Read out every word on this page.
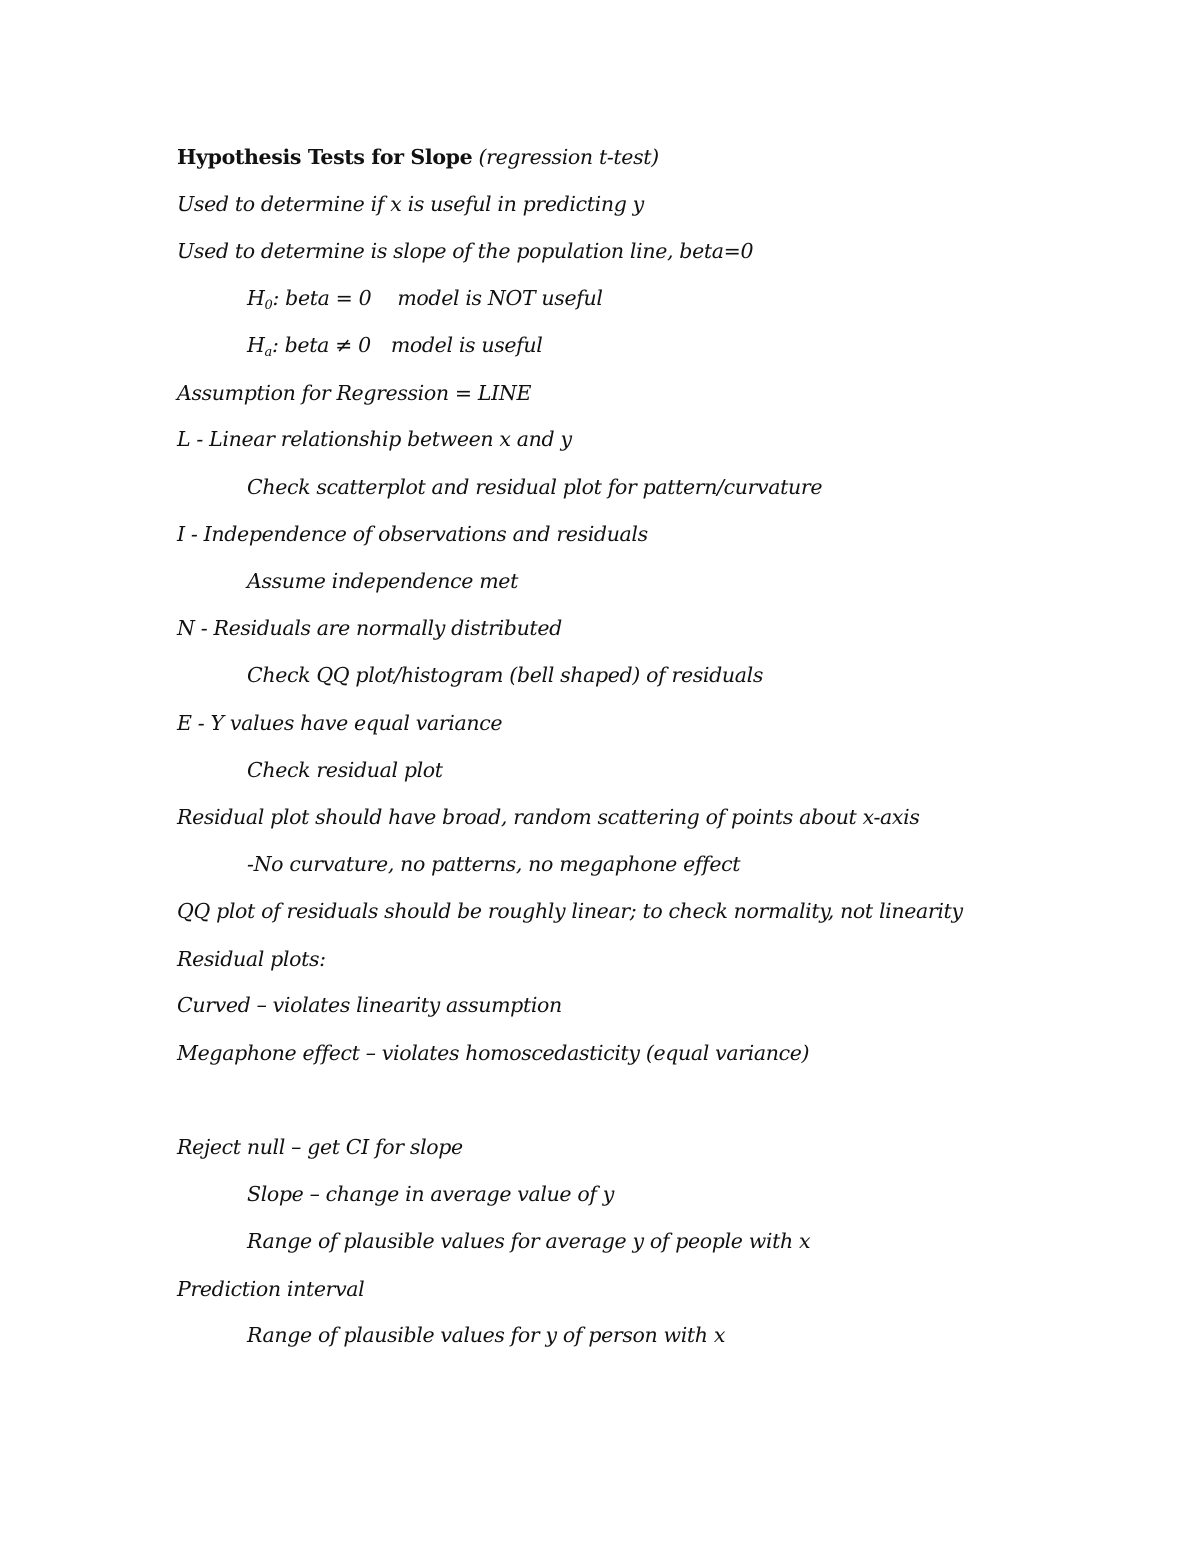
Hypothesis Tests for Slope (regression t-test)
Used to determine if x is useful in predicting y
Used to determine is slope of the population line, beta=0
$H_0$: beta = 0 model is NOT useful
$H_a$: beta ≠ 0 model is useful
Assumption for Regression = LINE
L - Linear relationship between x and y
Check scatterplot and residual plot for pattern/curvature
I - Independence of observations and residuals
Assume independence met
N - Residuals are normally distributed
Check QQ plot/histogram (bell shaped) of residuals
E - Y values have equal variance
Check residual plot
Residual plot should have broad, random scattering of points about x-axis
-No curvature, no patterns, no megaphone effect
QQ plot of residuals should be roughly linear; to check normality, not linearity
Residual plots:
Curved – violates linearity assumption
Megaphone effect – violates homoscedasticity (equal variance)
Reject null – get CI for slope
Slope – change in average value of y
Range of plausible values for average y of people with x
Prediction interval
Range of plausible values for y of person with x
